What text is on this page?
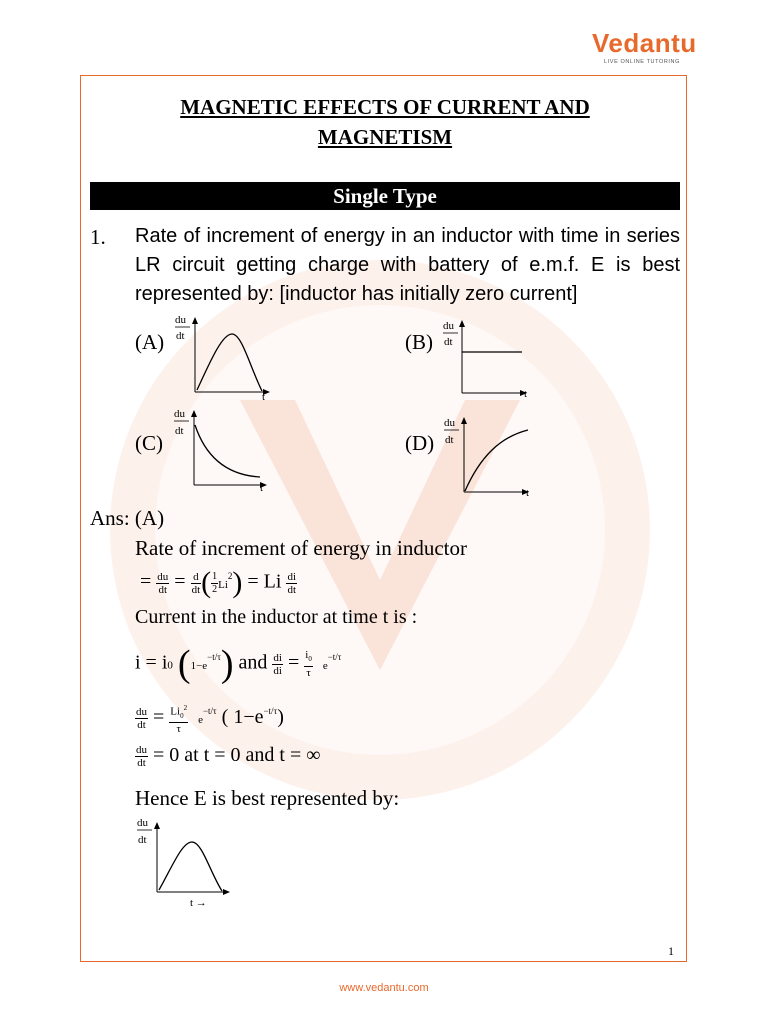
Vedantu
LIVE ONLINE TUTORING
MAGNETIC EFFECTS OF CURRENT AND
MAGNETISM
Single Type
1. Rate of increment of energy in an inductor with time in series
LR circuit getting charge with battery of e.m.f. E is best
represented by: [inductor has initially zero current]
(A)	(B)
(C)	(D)
du
dt
t
du
dt
t
du
dt
t
du
dt
t
Ans: (A)
Rate of increment of energy in inductor
= $\frac{du}{dt} = \frac{d}{dt}$ ( $\frac{1}{2} Li^2) = Li \frac{di}{dt}$
Current in the inductor at time t is :
i = i0 $(1-e^{-t/\tau})$ and $\frac{di}{di} = \frac{i_0}{\tau} e^{-t/\tau}$
$\frac{du}{dt} = \frac{Li_0^2}{\tau} e^{-t/\tau}$ ( $1-e^{-t/\tau}$)
$\frac{du}{dt} = 0$ at t = 0 and t = ∞
Hence E is best represented by:
du
dt
t →
1
www.vedantu.com
